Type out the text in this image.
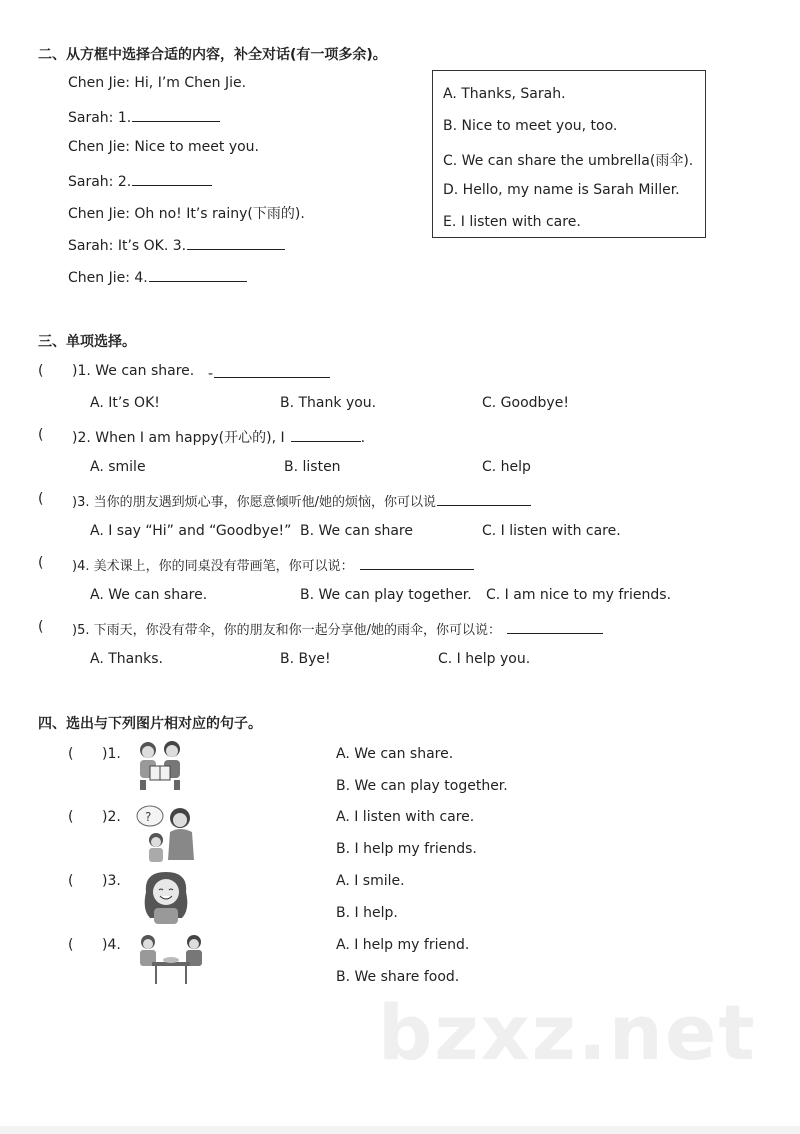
二、从方框中选择合适的内容，补全对话(有一项多余)。
Chen Jie: Hi, I’m Chen Jie.
Sarah: 1.
Chen Jie: Nice to meet you.
Sarah: 2.
Chen Jie: Oh no! It’s rainy(下雨的).
Sarah: It’s OK. 3.
Chen Jie: 4.
A. Thanks, Sarah.
B. Nice to meet you, too.
C. We can share the umbrella(雨伞).
D. Hello, my name is Sarah Miller.
E. I listen with care.
三、单项选择。
( )1. We can share. -
A. It’s OK!	B. Thank you.	C. Goodbye!
( )2. When I am happy(开心的), I	.
A. smile	B. listen	C. help
( )3. 当你的朋友遇到烦心事，你愿意倾听他/她的烦恼，你可以说
A. I say “Hi” and “Goodbye!” B. We can share	C. I listen with care.
( )4. 美术课上，你的同桌没有带画笔，你可以说：
A. We can share.	B. We can play together. C. I am nice to my friends.
( )5. 下雨天，你没有带伞，你的朋友和你一起分享他/她的雨伞，你可以说：
A. Thanks.	B. Bye!	C. I help you.
四、选出与下列图片相对应的句子。
( )1.	A. We can share.
B. We can play together.
( )2. ?	A. I listen with care.
B. I help my friends.
( )3.	A. I smile.
B. I help.
( )4.	A. I help my friend.
B. We share food.
bzxz.net
